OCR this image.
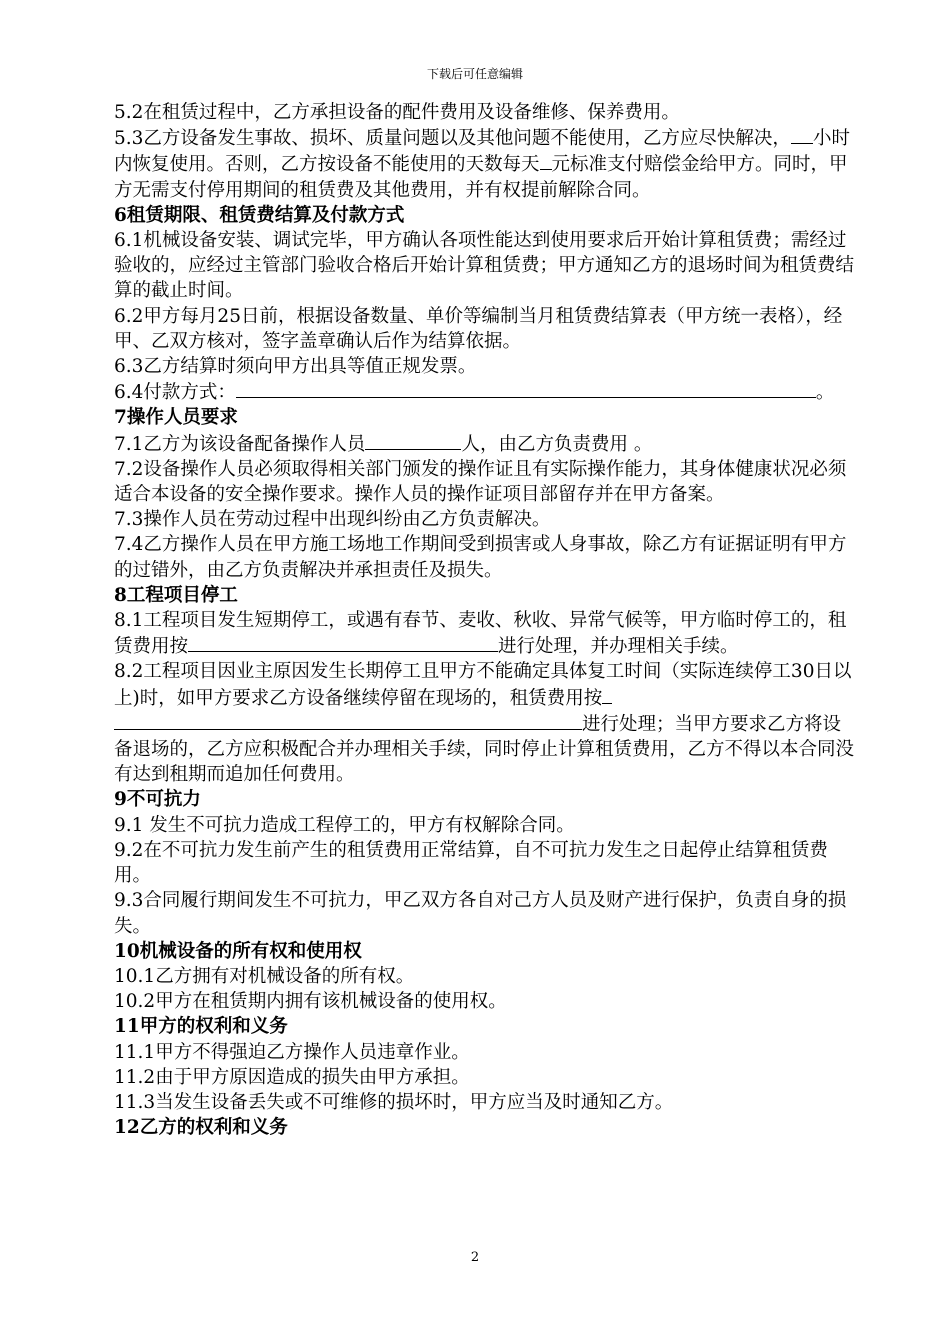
下载后可任意编辑

5.2在租赁过程中，乙方承担设备的配件费用及设备维修、保养费用。

5.3乙方设备发生事故、损坏、质量问题以及其他问题不能使用，乙方应尽快解决， 小时内恢复使用。否则，乙方按设备不能使用的天数每天 元标准支付赔偿金给甲方。同时，甲方无需支付停用期间的租赁费及其他费用，并有权提前解除合同。

6租赁期限、租赁费结算及付款方式

6.1机械设备安装、调试完毕，甲方确认各项性能达到使用要求后开始计算租赁费；需经过验收的，应经过主管部门验收合格后开始计算租赁费；甲方通知乙方的退场时间为租赁费结算的截止时间。

6.2甲方每月25日前，根据设备数量、单价等编制当月租赁费结算表（甲方统一表格），经甲、乙双方核对，签字盖章确认后作为结算依据。

6.3乙方结算时须向甲方出具等值正规发票。

6.4付款方式：	。

7操作人员要求

7.1乙方为该设备配备操作人员	人，由乙方负责费用 。

7.2设备操作人员必须取得相关部门颁发的操作证且有实际操作能力，其身体健康状况必须适合本设备的安全操作要求。操作人员的操作证项目部留存并在甲方备案。

7.3操作人员在劳动过程中出现纠纷由乙方负责解决。

7.4乙方操作人员在甲方施工场地工作期间受到损害或人身事故，除乙方有证据证明有甲方的过错外，由乙方负责解决并承担责任及损失。

8工程项目停工

8.1工程项目发生短期停工，或遇有春节、麦收、秋收、异常气候等，甲方临时停工的，租赁费用按	进行处理，并办理相关手续。

8.2工程项目因业主原因发生长期停工且甲方不能确定具体复工时间（实际连续停工30日以上)时，如甲方要求乙方设备继续停留在现场的，租赁费用按
进行处理；当甲方要求乙方将设备退场的，乙方应积极配合并办理相关手续，同时停止计算租赁费用，乙方不得以本合同没有达到租期而追加任何费用。

9不可抗力

9.1 发生不可抗力造成工程停工的，甲方有权解除合同。

9.2在不可抗力发生前产生的租赁费用正常结算，自不可抗力发生之日起停止结算租赁费用。

9.3合同履行期间发生不可抗力，甲乙双方各自对己方人员及财产进行保护，负责自身的损失。

10机械设备的所有权和使用权

10.1乙方拥有对机械设备的所有权。

10.2甲方在租赁期内拥有该机械设备的使用权。

11甲方的权利和义务

11.1甲方不得强迫乙方操作人员违章作业。

11.2由于甲方原因造成的损失由甲方承担。

11.3当发生设备丢失或不可维修的损坏时，甲方应当及时通知乙方。

12乙方的权利和义务

2
